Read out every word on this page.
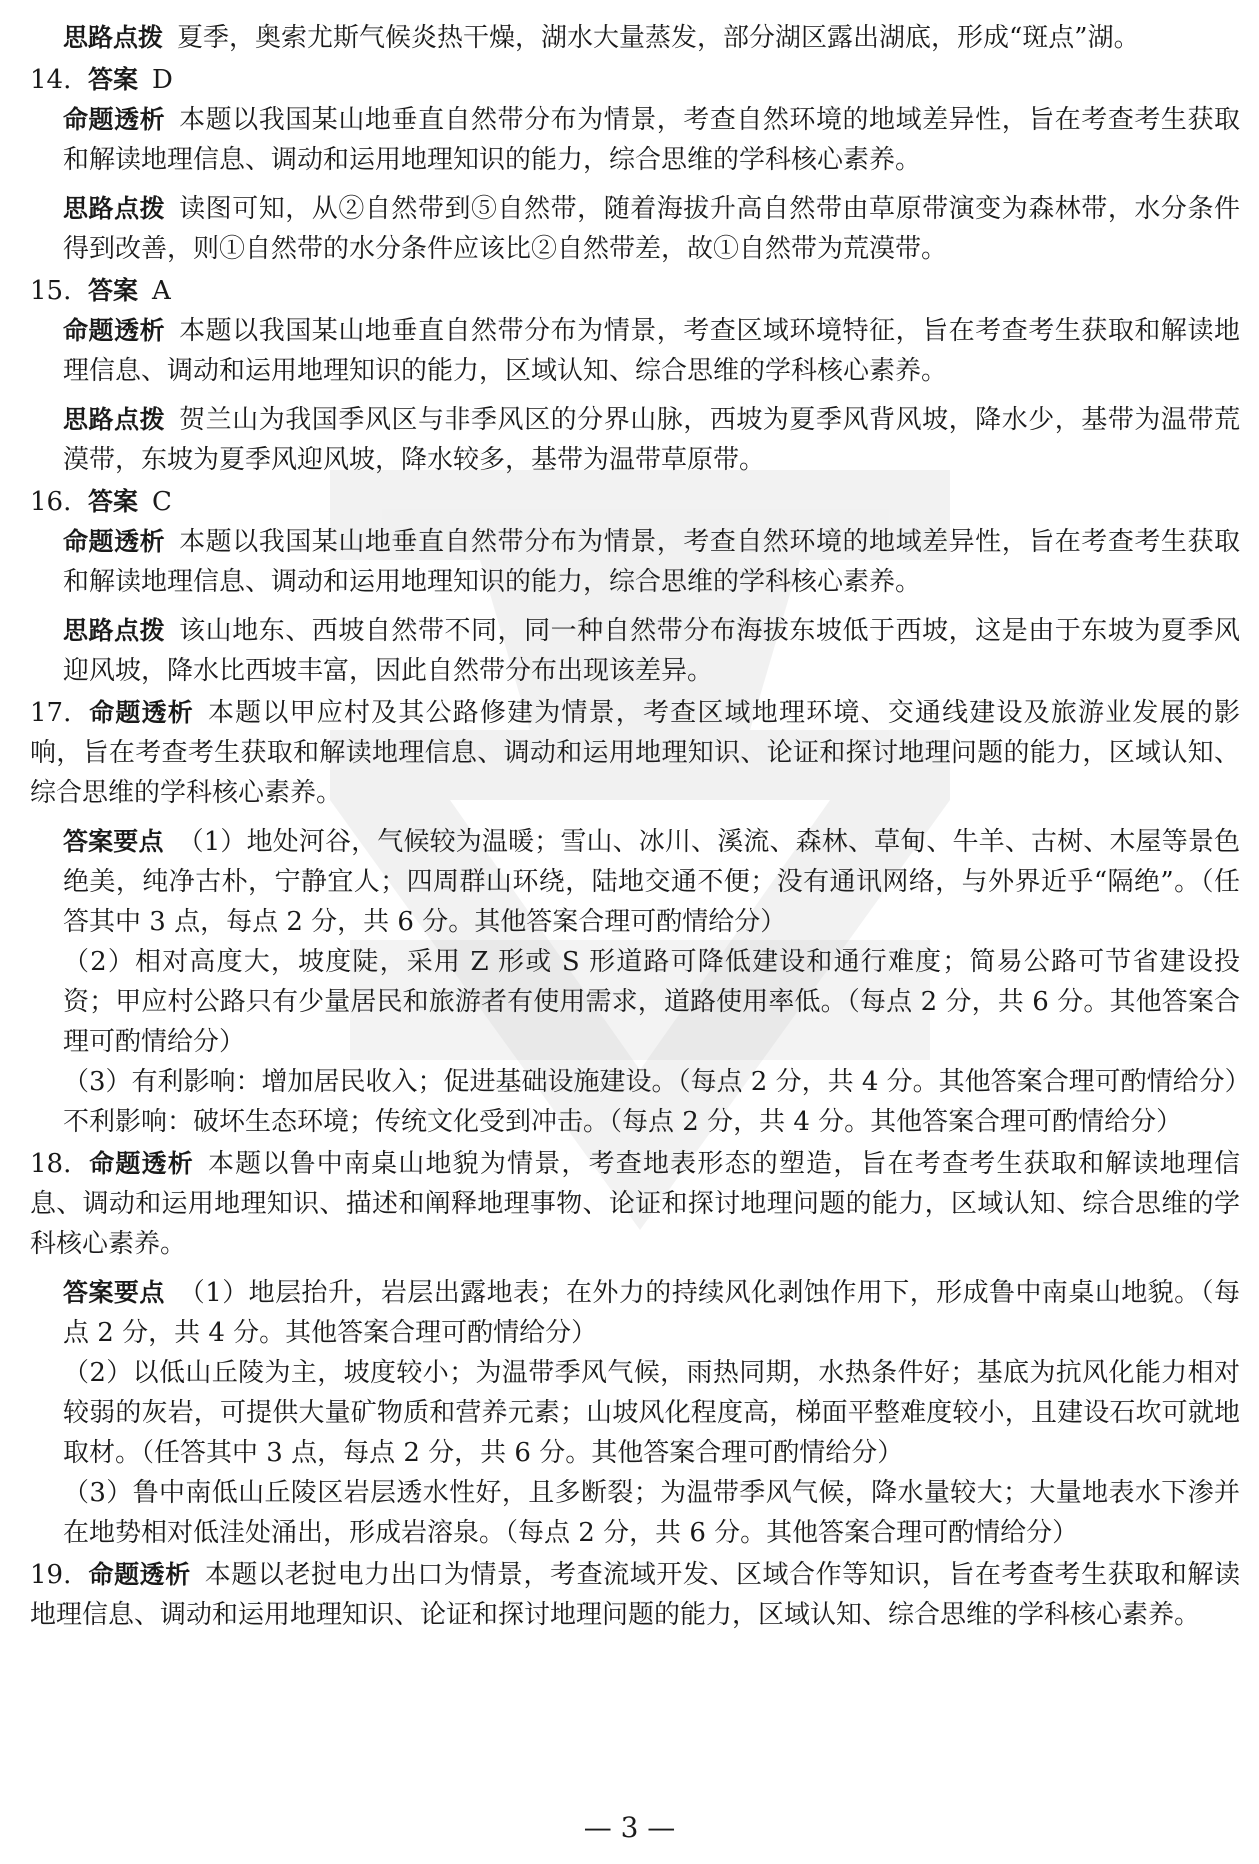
思路点拨 夏季，奥索尤斯气候炎热干燥，湖水大量蒸发，部分湖区露出湖底，形成“斑点”湖。

14. 答案 D

命题透析 本题以我国某山地垂直自然带分布为情景，考查自然环境的地域差异性，旨在考查考生获取和解读地理信息、调动和运用地理知识的能力，综合思维的学科核心素养。

思路点拨 读图可知，从②自然带到⑤自然带，随着海拔升高自然带由草原带演变为森林带，水分条件得到改善，则①自然带的水分条件应该比②自然带差，故①自然带为荒漠带。

15. 答案 A

命题透析 本题以我国某山地垂直自然带分布为情景，考查区域环境特征，旨在考查考生获取和解读地理信息、调动和运用地理知识的能力，区域认知、综合思维的学科核心素养。

思路点拨 贺兰山为我国季风区与非季风区的分界山脉，西坡为夏季风背风坡，降水少，基带为温带荒漠带，东坡为夏季风迎风坡，降水较多，基带为温带草原带。

16. 答案 C

命题透析 本题以我国某山地垂直自然带分布为情景，考查自然环境的地域差异性，旨在考查考生获取和解读地理信息、调动和运用地理知识的能力，综合思维的学科核心素养。

思路点拨 该山地东、西坡自然带不同，同一种自然带分布海拔东坡低于西坡，这是由于东坡为夏季风迎风坡，降水比西坡丰富，因此自然带分布出现该差异。

17. 命题透析 本题以甲应村及其公路修建为情景，考查区域地理环境、交通线建设及旅游业发展的影响，旨在考查考生获取和解读地理信息、调动和运用地理知识、论证和探讨地理问题的能力，区域认知、综合思维的学科核心素养。

答案要点 （1）地处河谷，气候较为温暖；雪山、冰川、溪流、森林、草甸、牛羊、古树、木屋等景色绝美，纯净古朴，宁静宜人；四周群山环绕，陆地交通不便；没有通讯网络，与外界近乎“隔绝”。（任答其中 3 点，每点 2 分，共 6 分。其他答案合理可酌情给分）

（2）相对高度大，坡度陡，采用 Z 形或 S 形道路可降低建设和通行难度；简易公路可节省建设投资；甲应村公路只有少量居民和旅游者有使用需求，道路使用率低。（每点 2 分，共 6 分。其他答案合理可酌情给分）

（3）有利影响：增加居民收入；促进基础设施建设。（每点 2 分，共 4 分。其他答案合理可酌情给分）

不利影响：破坏生态环境；传统文化受到冲击。（每点 2 分，共 4 分。其他答案合理可酌情给分）

18. 命题透析 本题以鲁中南桌山地貌为情景，考查地表形态的塑造，旨在考查考生获取和解读地理信息、调动和运用地理知识、描述和阐释地理事物、论证和探讨地理问题的能力，区域认知、综合思维的学科核心素养。

答案要点 （1）地层抬升，岩层出露地表；在外力的持续风化剥蚀作用下，形成鲁中南桌山地貌。（每点 2 分，共 4 分。其他答案合理可酌情给分）

（2）以低山丘陵为主，坡度较小；为温带季风气候，雨热同期，水热条件好；基底为抗风化能力相对较弱的灰岩，可提供大量矿物质和营养元素；山坡风化程度高，梯面平整难度较小，且建设石坎可就地取材。（任答其中 3 点，每点 2 分，共 6 分。其他答案合理可酌情给分）

（3）鲁中南低山丘陵区岩层透水性好，且多断裂；为温带季风气候，降水量较大；大量地表水下渗并在地势相对低洼处涌出，形成岩溶泉。（每点 2 分，共 6 分。其他答案合理可酌情给分）

19. 命题透析 本题以老挝电力出口为情景，考查流域开发、区域合作等知识，旨在考查考生获取和解读地理信息、调动和运用地理知识、论证和探讨地理问题的能力，区域认知、综合思维的学科核心素养。

— 3 —
